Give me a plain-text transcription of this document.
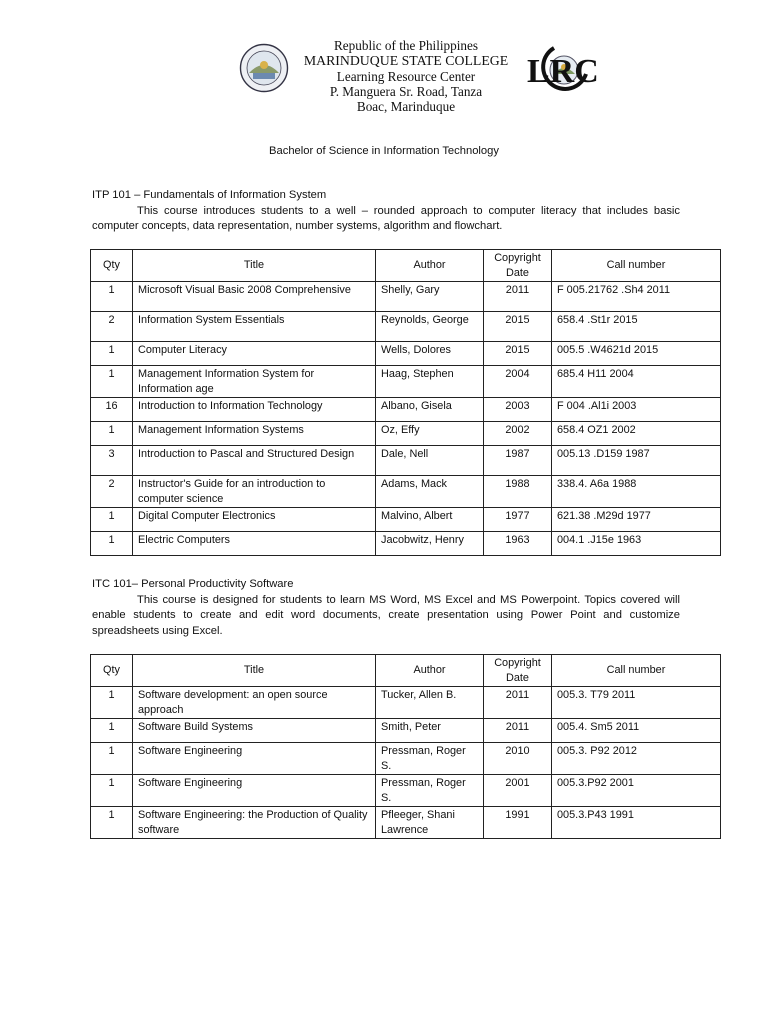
Republic of the Philippines
MARINDUQUE STATE COLLEGE
Learning Resource Center
P. Manguera Sr. Road, Tanza
Boac, Marinduque
LRC
Bachelor of Science in Information Technology
ITP 101 – Fundamentals of Information System
This course introduces students to a well – rounded approach to computer literacy that includes basic computer concepts, data representation, number systems, algorithm and flowchart.
Qty	Title	Author	Copyright Date	Call number
1	Microsoft Visual Basic 2008 Comprehensive	Shelly, Gary	2011	F 005.21762 .Sh4 2011
2	Information System Essentials	Reynolds, George	2015	658.4 .St1r 2015
1	Computer Literacy	Wells, Dolores	2015	005.5 .W4621d 2015
1	Management Information System for Information age	Haag, Stephen	2004	685.4 H11 2004
16	Introduction to Information Technology	Albano, Gisela	2003	F 004 .Al1i 2003
1	Management Information Systems	Oz, Effy	2002	658.4 OZ1 2002
3	Introduction to Pascal and Structured Design	Dale, Nell	1987	005.13 .D159 1987
2	Instructor's Guide for an introduction to computer science	Adams, Mack	1988	338.4. A6a 1988
1	Digital Computer Electronics	Malvino, Albert	1977	621.38 .M29d 1977
1	Electric Computers	Jacobwitz, Henry	1963	004.1 .J15e 1963
ITC 101– Personal Productivity Software
This course is designed for students to learn MS Word, MS Excel and MS Powerpoint. Topics covered will enable students to create and edit word documents, create presentation using Power Point and customize spreadsheets using Excel.
Qty	Title	Author	Copyright Date	Call number
1	Software development: an open source approach	Tucker, Allen B.	2011	005.3. T79 2011
1	Software Build Systems	Smith, Peter	2011	005.4. Sm5 2011
1	Software Engineering	Pressman, Roger S.	2010	005.3. P92 2012
1	Software Engineering	Pressman, Roger S.	2001	005.3.P92 2001
1	Software Engineering: the Production of Quality software	Pfleeger, Shani Lawrence	1991	005.3.P43 1991
